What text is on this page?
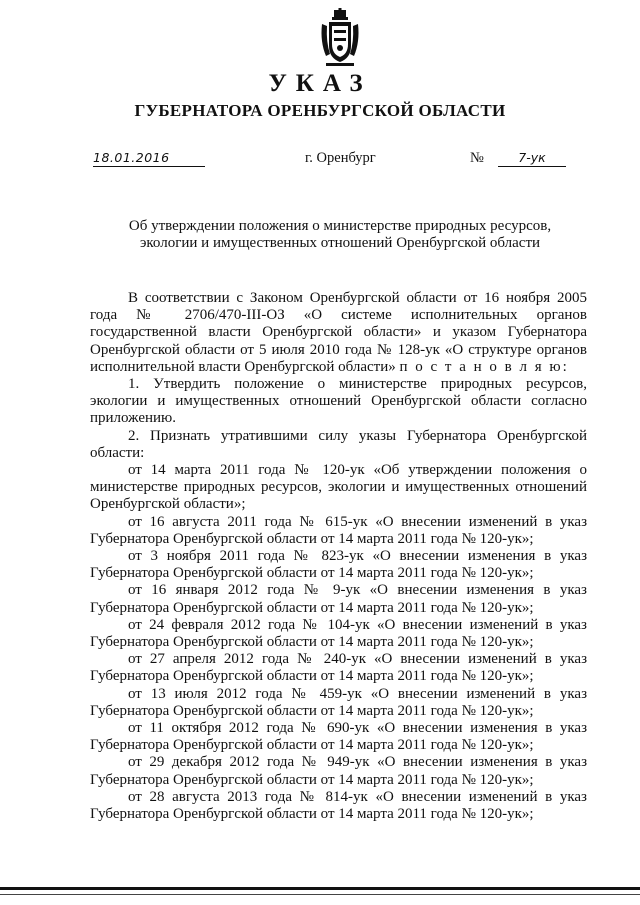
УКАЗ
ГУБЕРНАТОРА ОРЕНБУРГСКОЙ ОБЛАСТИ
18.01.2016	г. Оренбург	№	7-ук
Об утверждении положения о министерстве природных ресурсов,
экологии и имущественных отношений Оренбургской области
В соответствии с Законом Оренбургской области от 16 ноября 2005 года № 2706/470-III-ОЗ «О системе исполнительных органов государственной власти Оренбургской области» и указом Губернатора Оренбургской области от 5 июля 2010 года № 128-ук «О структуре органов исполнительной власти Оренбургской области» п о с т а н о в л я ю:
1. Утвердить положение о министерстве природных ресурсов, экологии и имущественных отношений Оренбургской области согласно приложению.
2. Признать утратившими силу указы Губернатора Оренбургской области:
от 14 марта 2011 года № 120-ук «Об утверждении положения о министерстве природных ресурсов, экологии и имущественных отношений Оренбургской области»;
от 16 августа 2011 года № 615-ук «О внесении изменений в указ Губернатора Оренбургской области от 14 марта 2011 года № 120-ук»;
от 3 ноября 2011 года № 823-ук «О внесении изменения в указ Губернатора Оренбургской области от 14 марта 2011 года № 120-ук»;
от 16 января 2012 года № 9-ук «О внесении изменения в указ Губернатора Оренбургской области от 14 марта 2011 года № 120-ук»;
от 24 февраля 2012 года № 104-ук «О внесении изменений в указ Губернатора Оренбургской области от 14 марта 2011 года № 120-ук»;
от 27 апреля 2012 года № 240-ук «О внесении изменений в указ Губернатора Оренбургской области от 14 марта 2011 года № 120-ук»;
от 13 июля 2012 года № 459-ук «О внесении изменений в указ Губернатора Оренбургской области от 14 марта 2011 года № 120-ук»;
от 11 октября 2012 года № 690-ук «О внесении изменения в указ Губернатора Оренбургской области от 14 марта 2011 года № 120-ук»;
от 29 декабря 2012 года № 949-ук «О внесении изменения в указ Губернатора Оренбургской области от 14 марта 2011 года № 120-ук»;
от 28 августа 2013 года № 814-ук «О внесении изменений в указ Губернатора Оренбургской области от 14 марта 2011 года № 120-ук»;
